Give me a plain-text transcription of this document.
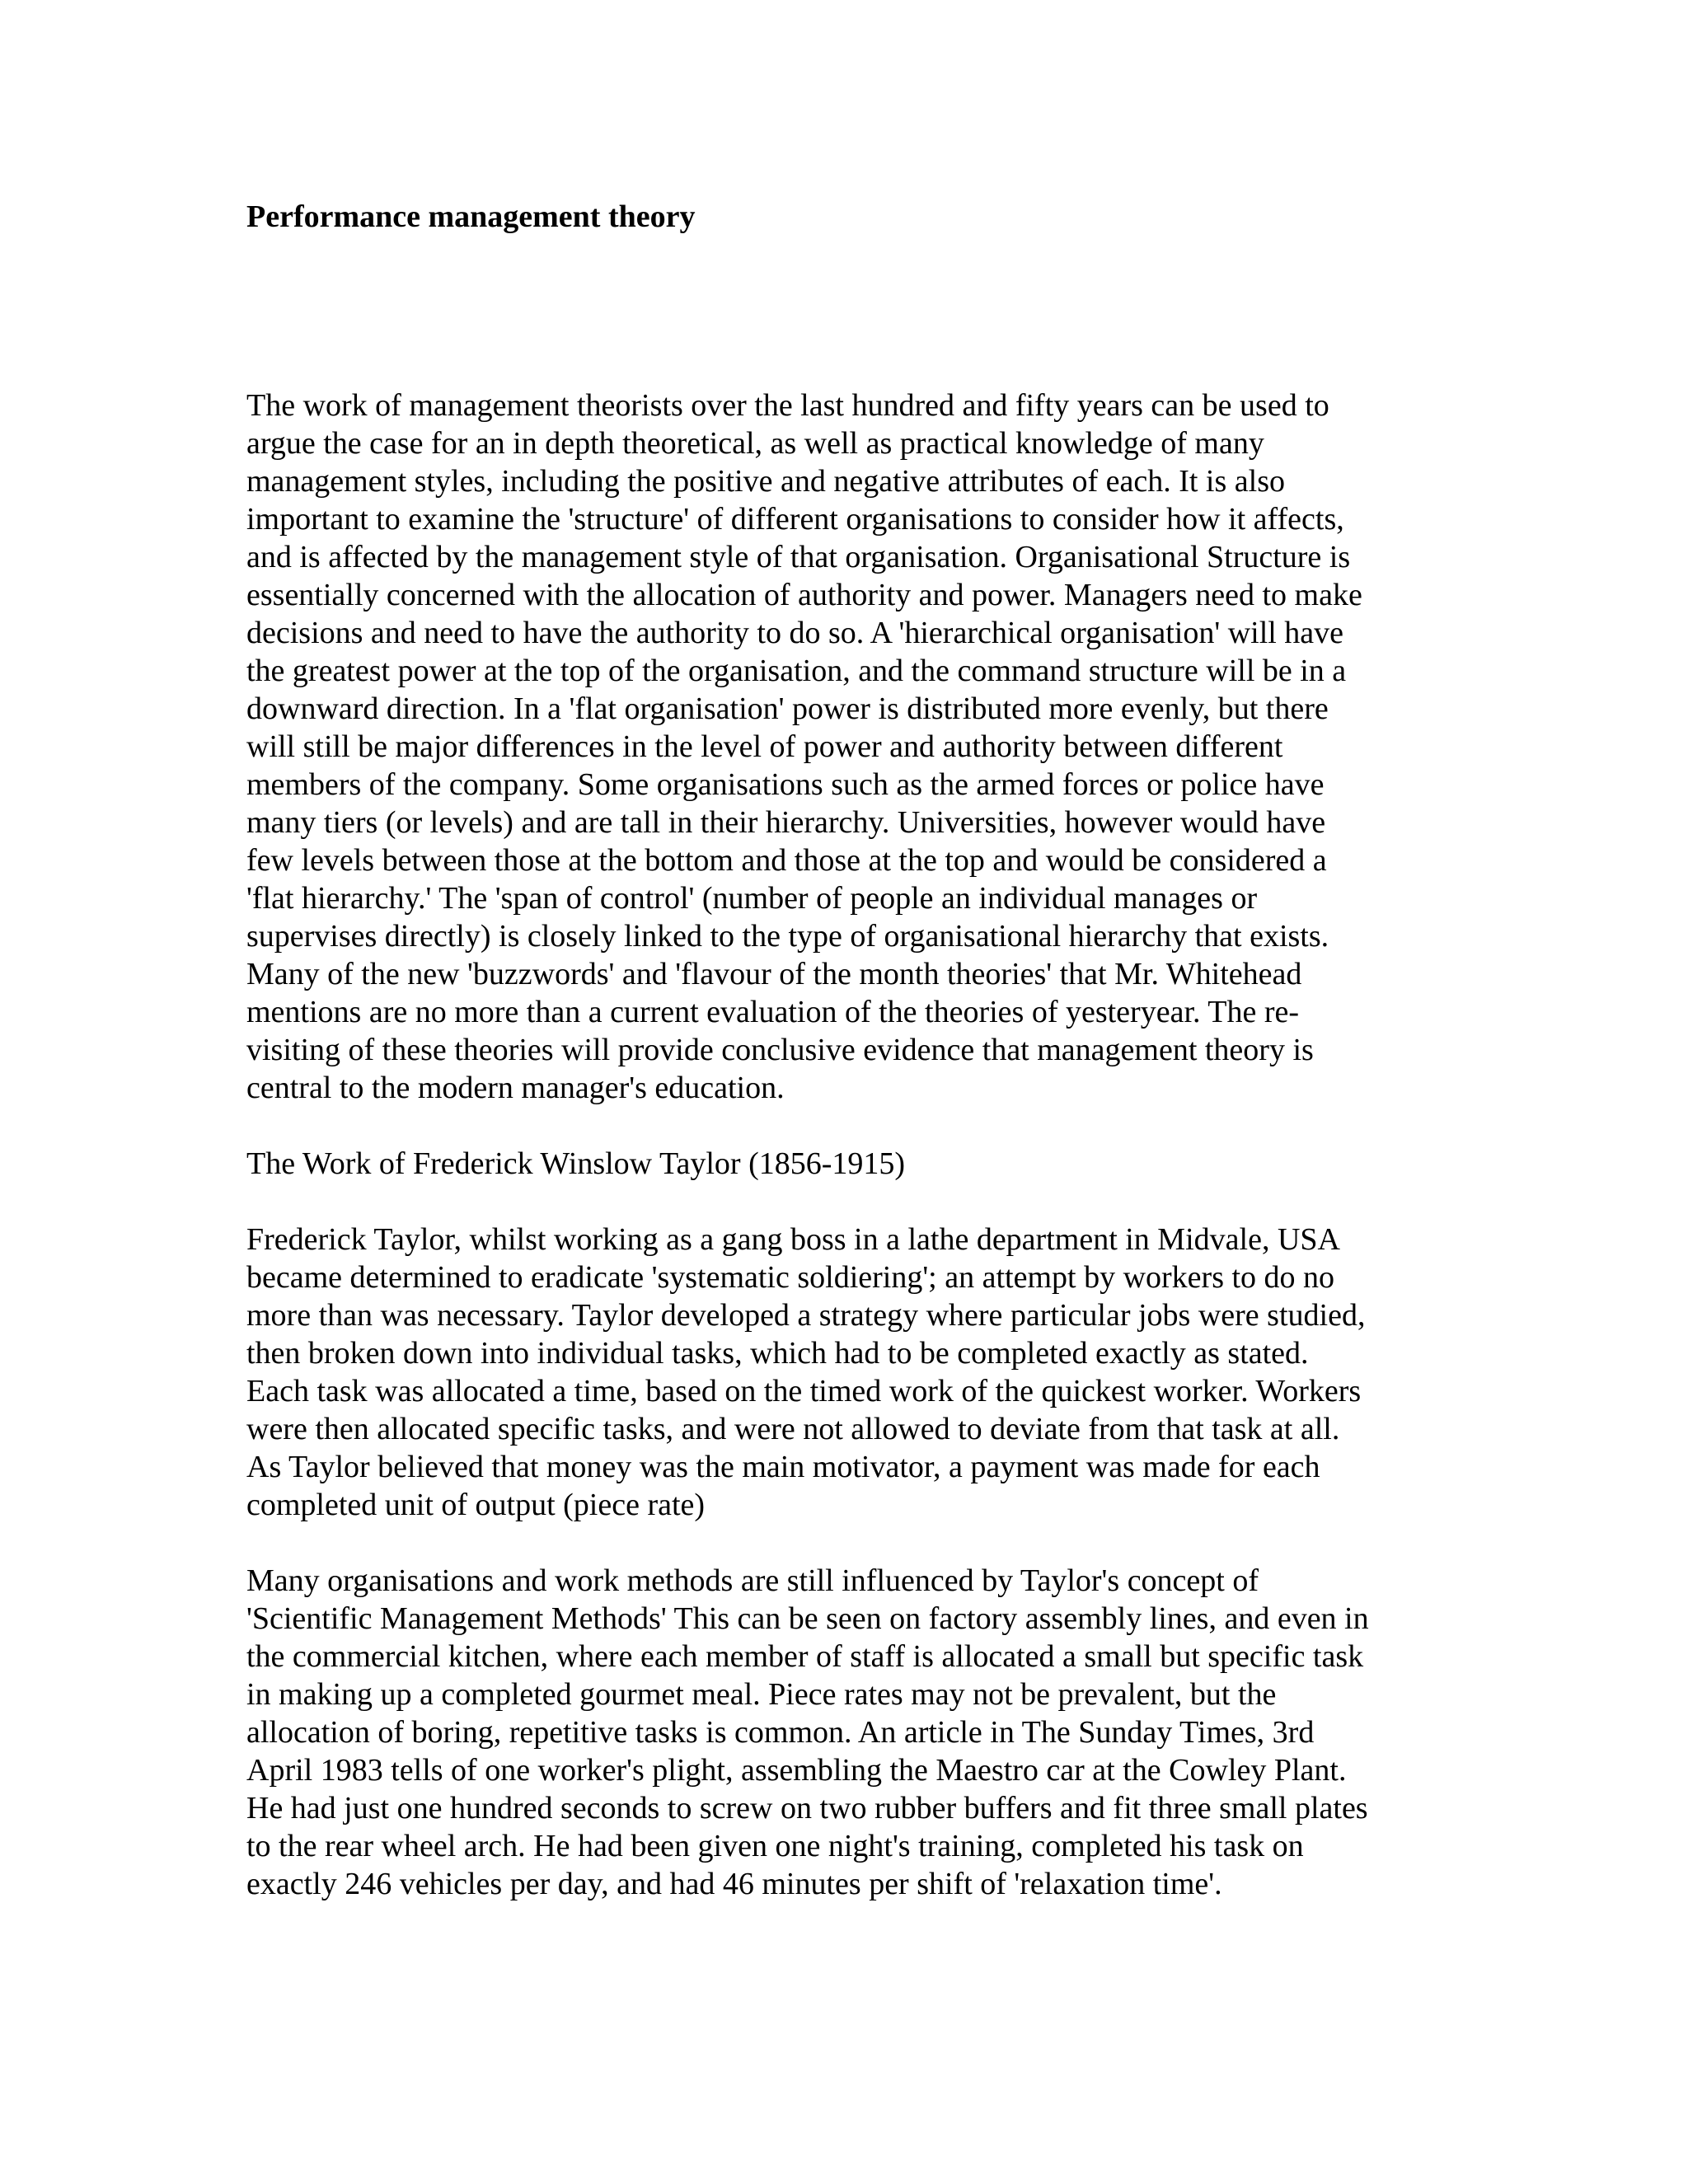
Performance management theory
The work of management theorists over the last hundred and fifty years can be used to
argue the case for an in depth theoretical, as well as practical knowledge of many
management styles, including the positive and negative attributes of each. It is also
important to examine the 'structure' of different organisations to consider how it affects,
and is affected by the management style of that organisation. Organisational Structure is
essentially concerned with the allocation of authority and power. Managers need to make
decisions and need to have the authority to do so. A 'hierarchical organisation' will have
the greatest power at the top of the organisation, and the command structure will be in a
downward direction. In a 'flat organisation' power is distributed more evenly, but there
will still be major differences in the level of power and authority between different
members of the company. Some organisations such as the armed forces or police have
many tiers (or levels) and are tall in their hierarchy. Universities, however would have
few levels between those at the bottom and those at the top and would be considered a
'flat hierarchy.' The 'span of control' (number of people an individual manages or
supervises directly) is closely linked to the type of organisational hierarchy that exists.
Many of the new 'buzzwords' and 'flavour of the month theories' that Mr. Whitehead
mentions are no more than a current evaluation of the theories of yesteryear. The re-
visiting of these theories will provide conclusive evidence that management theory is
central to the modern manager's education.
The Work of Frederick Winslow Taylor (1856-1915)
Frederick Taylor, whilst working as a gang boss in a lathe department in Midvale, USA
became determined to eradicate 'systematic soldiering'; an attempt by workers to do no
more than was necessary. Taylor developed a strategy where particular jobs were studied,
then broken down into individual tasks, which had to be completed exactly as stated.
Each task was allocated a time, based on the timed work of the quickest worker. Workers
were then allocated specific tasks, and were not allowed to deviate from that task at all.
As Taylor believed that money was the main motivator, a payment was made for each
completed unit of output (piece rate)
Many organisations and work methods are still influenced by Taylor's concept of
'Scientific Management Methods' This can be seen on factory assembly lines, and even in
the commercial kitchen, where each member of staff is allocated a small but specific task
in making up a completed gourmet meal. Piece rates may not be prevalent, but the
allocation of boring, repetitive tasks is common. An article in The Sunday Times, 3rd
April 1983 tells of one worker's plight, assembling the Maestro car at the Cowley Plant.
He had just one hundred seconds to screw on two rubber buffers and fit three small plates
to the rear wheel arch. He had been given one night's training, completed his task on
exactly 246 vehicles per day, and had 46 minutes per shift of 'relaxation time'.
